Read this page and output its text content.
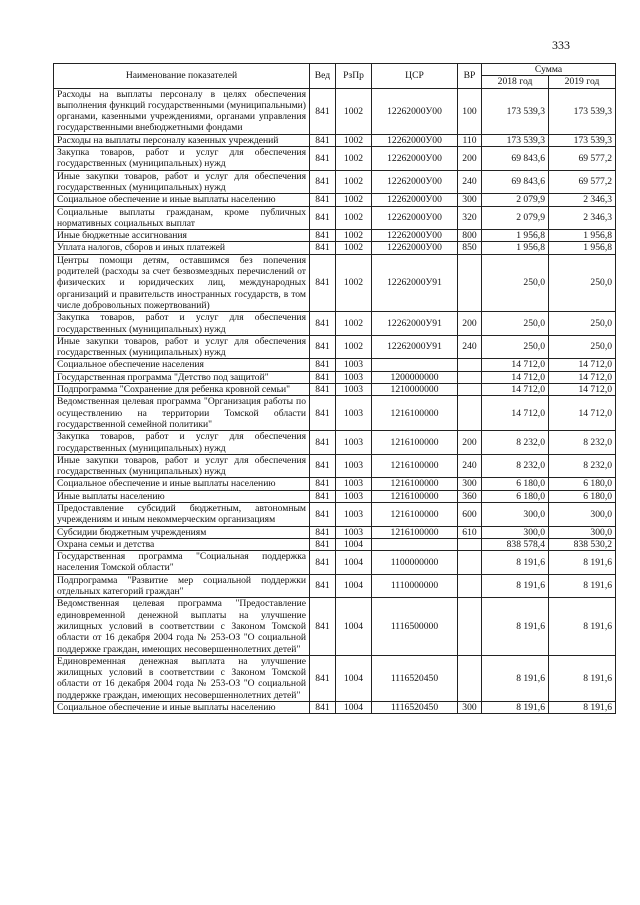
333
Наименование показателей	Вед	РзПр	ЦСР	ВР	Сумма	
					2018 год	2019 год
Расходы на выплаты персоналу в целях обеспечения выполнения функций государственными (муниципальными) органами, казенными учреждениями, органами управления государственными внебюджетными фондами	841	1002	12262000У00	100	173 539,3	173 539,3
Расходы на выплаты персоналу казенных учреждений	841	1002	12262000У00	110	173 539,3	173 539,3
Закупка товаров, работ и услуг для обеспечения государственных (муниципальных) нужд	841	1002	12262000У00	200	69 843,6	69 577,2
Иные закупки товаров, работ и услуг для обеспечения государственных (муниципальных) нужд	841	1002	12262000У00	240	69 843,6	69 577,2
Социальное обеспечение и иные выплаты населению	841	1002	12262000У00	300	2 079,9	2 346,3
Социальные выплаты гражданам, кроме публичных нормативных социальных выплат	841	1002	12262000У00	320	2 079,9	2 346,3
Иные бюджетные ассигнования	841	1002	12262000У00	800	1 956,8	1 956,8
Уплата налогов, сборов и иных платежей	841	1002	12262000У00	850	1 956,8	1 956,8
Центры помощи детям, оставшимся без попечения родителей (расходы за счет безвозмездных перечислений от физических и юридических лиц, международных организаций и правительств иностранных государств, в том числе добровольных пожертвований)	841	1002	12262000У91		250,0	250,0
Закупка товаров, работ и услуг для обеспечения государственных (муниципальных) нужд	841	1002	12262000У91	200	250,0	250,0
Иные закупки товаров, работ и услуг для обеспечения государственных (муниципальных) нужд	841	1002	12262000У91	240	250,0	250,0
Социальное обеспечение населения	841	1003			14 712,0	14 712,0
Государственная программа "Детство под защитой"	841	1003	1200000000		14 712,0	14 712,0
Подпрограмма "Сохранение для ребенка кровной семьи"	841	1003	1210000000		14 712,0	14 712,0
Ведомственная целевая программа "Организация работы по осуществлению на территории Томской области государственной семейной политики"	841	1003	1216100000		14 712,0	14 712,0
Закупка товаров, работ и услуг для обеспечения государственных (муниципальных) нужд	841	1003	1216100000	200	8 232,0	8 232,0
Иные закупки товаров, работ и услуг для обеспечения государственных (муниципальных) нужд	841	1003	1216100000	240	8 232,0	8 232,0
Социальное обеспечение и иные выплаты населению	841	1003	1216100000	300	6 180,0	6 180,0
Иные выплаты населению	841	1003	1216100000	360	6 180,0	6 180,0
Предоставление субсидий бюджетным, автономным учреждениям и иным некоммерческим организациям	841	1003	1216100000	600	300,0	300,0
Субсидии бюджетным учреждениям	841	1003	1216100000	610	300,0	300,0
Охрана семьи и детства	841	1004			838 578,4	838 530,2
Государственная программа "Социальная поддержка населения Томской области"	841	1004	1100000000		8 191,6	8 191,6
Подпрограмма "Развитие мер социальной поддержки отдельных категорий граждан"	841	1004	1110000000		8 191,6	8 191,6
Ведомственная целевая программа "Предоставление единовременной денежной выплаты на улучшение жилищных условий в соответствии с Законом Томской области от 16 декабря 2004 года № 253-ОЗ "О социальной поддержке граждан, имеющих несовершеннолетних детей"	841	1004	1116500000		8 191,6	8 191,6
Единовременная денежная выплата на улучшение жилищных условий в соответствии с Законом Томской области от 16 декабря 2004 года № 253-ОЗ "О социальной поддержке граждан, имеющих несовершеннолетних детей"	841	1004	1116520450		8 191,6	8 191,6
Социальное обеспечение и иные выплаты населению	841	1004	1116520450	300	8 191,6	8 191,6
